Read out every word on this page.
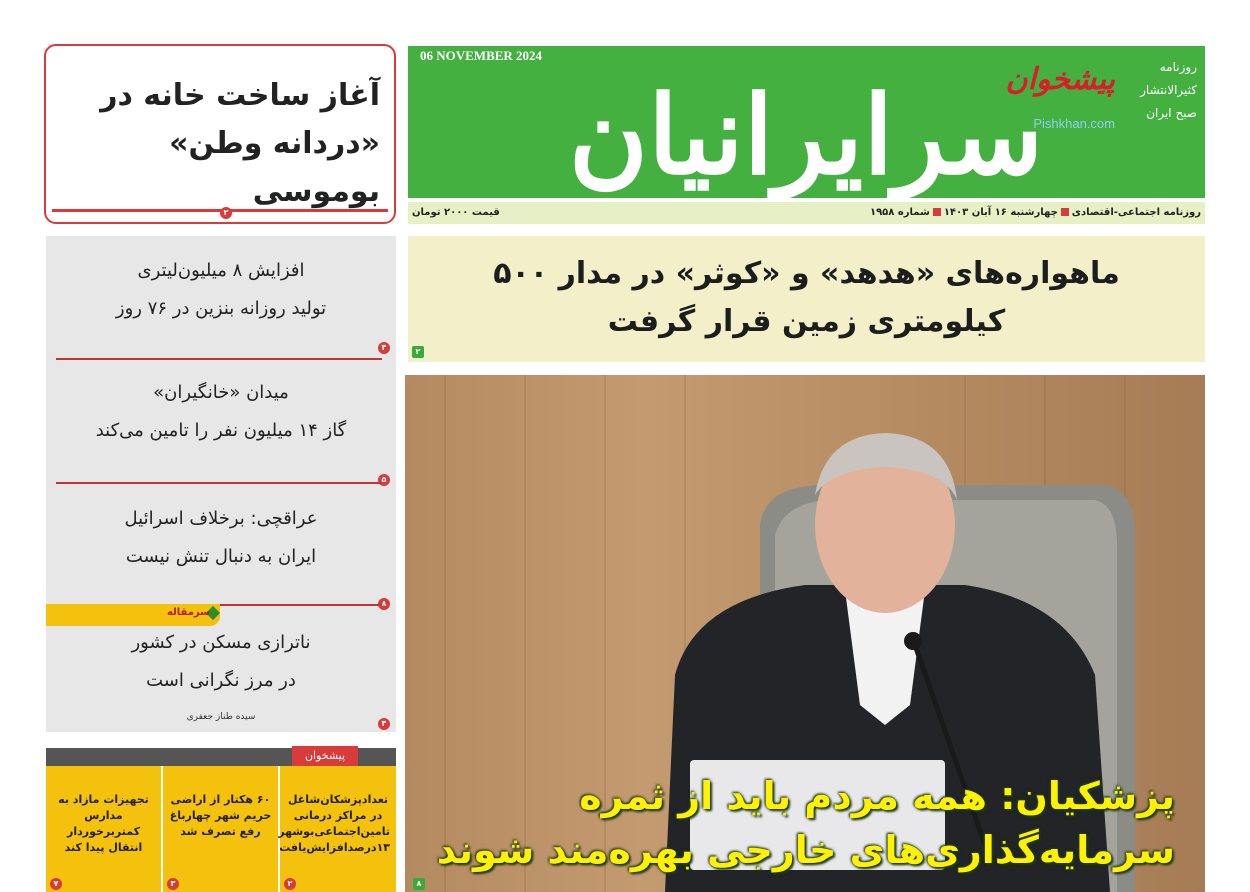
آغاز ساخت خانه در «دردانه وطن» بوموسی
۲
06 NOVEMBER 2024
سرایرانیان
روزنامه
کثیرالانتشار
صبح ایران
پیشخوان
Pishkhan.com
قیمت ۲۰۰۰ تومان	روزنامه اجتماعی-اقتصادیچهارشنبه ۱۶ آبان ۱۴۰۳شماره ۱۹۵۸
ماهواره‌های «هدهد» و «کوثر» در مدار ۵۰۰ کیلومتری زمین قرار گرفت
۲
پزشکیان: همه مردم باید از ثمره سرمایه‌گذاری‌های خارجی بهره‌مند شوند
۸
افزایش ۸ میلیون‌لیتری
تولید روزانه بنزین در ۷۶ روز
۴
میدان «خانگیران»
گاز ۱۴ میلیون نفر را تامین می‌کند
۵
عراقچی: برخلاف اسرائیل
ایران به دنبال تنش نیست
۸
ناترازی مسکن در کشور
در مرز نگرانی است
سیده طناز جعفری
۴
سرمقاله
پیشخوان
تعدادپزشکان‌شاغل در مراکز درمانی تامین‌اجتماعی‌بوشهر ۱۳درصدافزایش‌یافت
۲
۶۰ هکتار از اراضی حریم شهر چهارباغ رفع تصرف شد
۳
تجهیزات مازاد به مدارس کمتربرخوردار انتقال پیدا کند
۷
